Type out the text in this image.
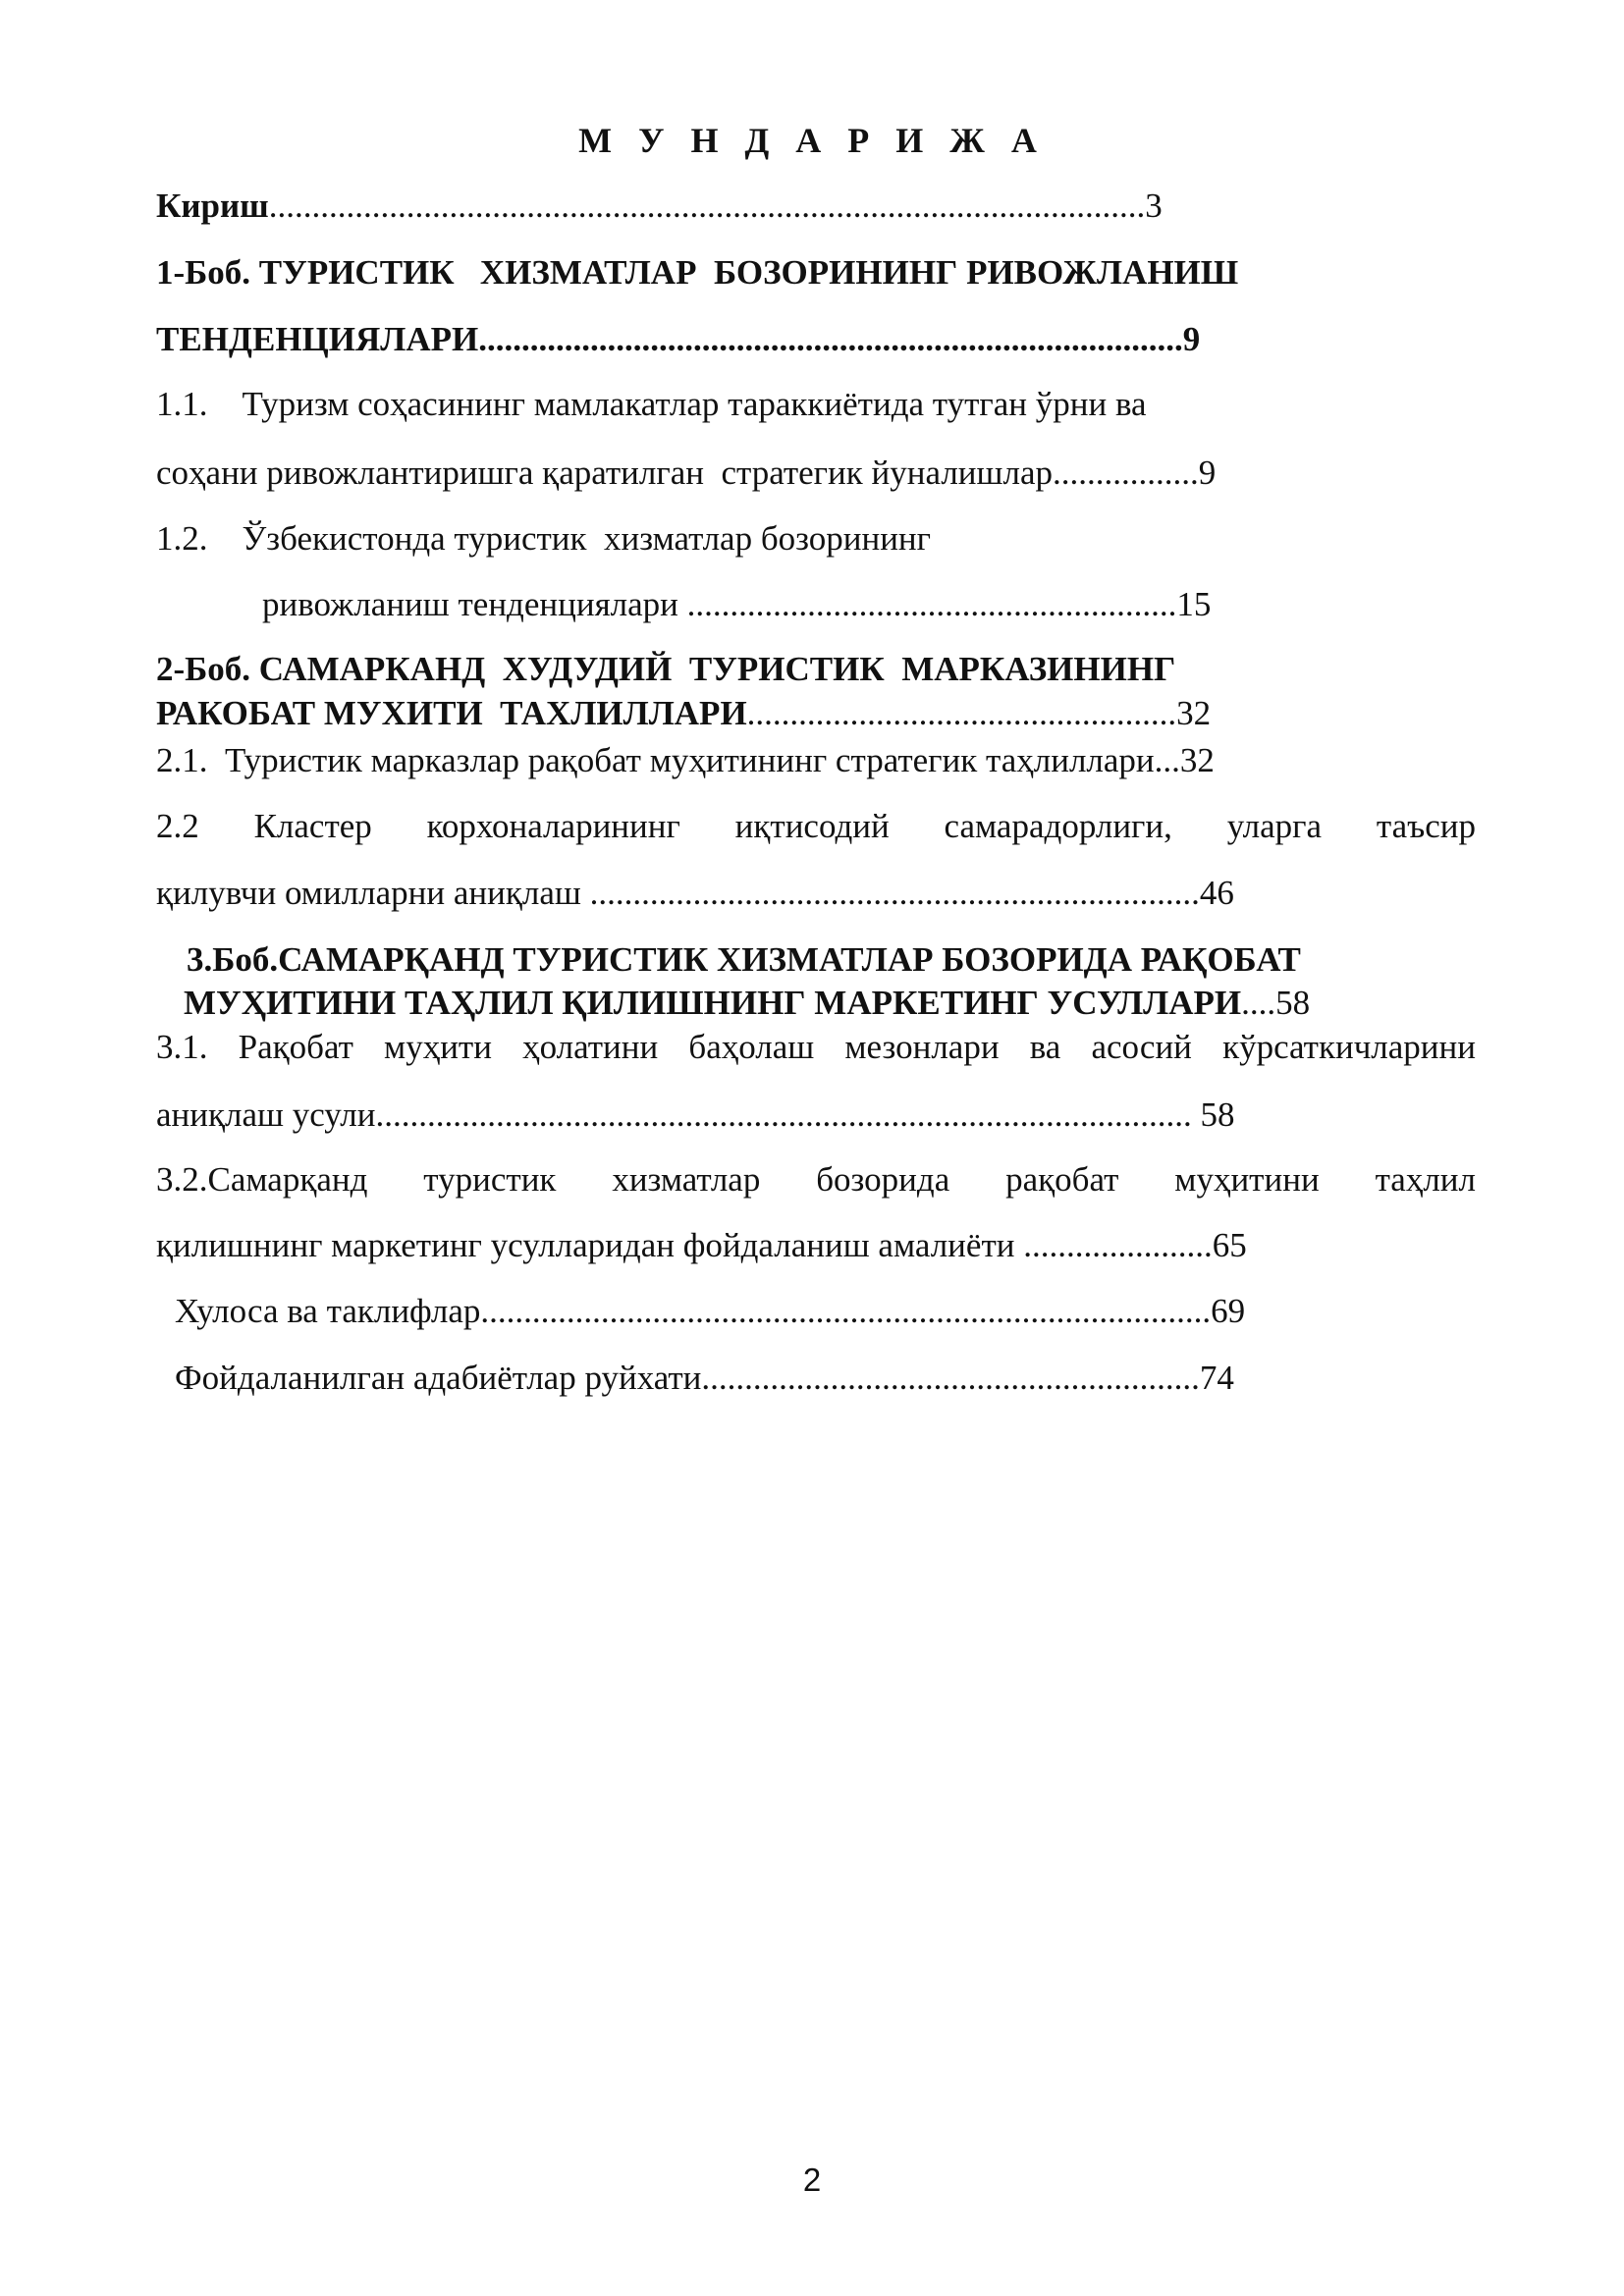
М У Н Д А Р И Ж А
Кириш......................................................................................................3
1-Боб. ТУРИСТИК   ХИЗМАТЛАР  БОЗОРИНИНГ РИВОЖЛАНИШ
ТЕНДЕНЦИЯЛАРИ..................................................................................9
1.1.    Туризм соҳасининг мамлакатлар тараккиётида тутган ўрни ва
соҳани ривожлантиришга қаратилган  стратегик йуналишлар.................9
1.2.    Ўзбекистонда туристик  хизматлар бозорининг
ривожланиш тенденциялари .........................................................15
2-Боб. САМАРКАНД  ХУДУДИЙ  ТУРИСТИК  МАРКАЗИНИНГ
РАКОБАТ МУХИТИ  ТАХЛИЛЛАРИ..................................................32
2.1.  Туристик марказлар рақобат муҳитининг стратегик таҳлиллари...32
2.2 Кластер корхоналарининг иқтисодий самарадорлиги, уларга таъсир
қилувчи омилларни аниқлаш .......................................................................46
3.Боб.САМАРҚАНД ТУРИСТИК ХИЗМАТЛАР БОЗОРИДА РАҚОБАТ
МУҲИТИНИ ТАҲЛИЛ ҚИЛИШНИНГ МАРКЕТИНГ УСУЛЛАРИ....58
3.1. Рақобат муҳити ҳолатини баҳолаш мезонлари ва асосий кўрсаткичларини
аниқлаш усули............................................................................................... 58
3.2.Самарқанд туристик хизматлар бозорида рақобат муҳитини таҳлил
қилишнинг маркетинг усулларидан фойдаланиш амалиёти ......................65
Хулоса ва таклифлар.....................................................................................69
Фойдаланилган адабиётлар руйхати..........................................................74
2
